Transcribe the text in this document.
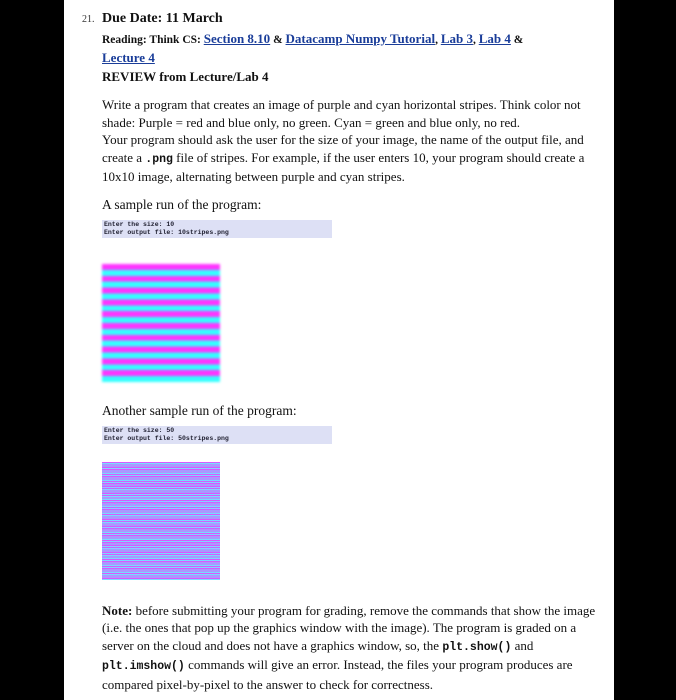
21. Due Date: 11 March
Reading: Think CS: Section 8.10 & Datacamp Numpy Tutorial, Lab 3, Lab 4 &
Lecture 4
REVIEW from Lecture/Lab 4

Write a program that creates an image of purple and cyan horizontal stripes. Think color not shade: Purple = red and blue only, no green. Cyan = green and blue only, no red.

Your program should ask the user for the size of your image, the name of the output file, and create a .png file of stripes. For example, if the user enters 10, your program should create a 10x10 image, alternating between purple and cyan stripes.

A sample run of the program:
Enter the size: 10
Enter output file: 10stripes.png
Another sample run of the program:
Enter the size: 50
Enter output file: 50stripes.png

Note: before submitting your program for grading, remove the commands that show the image (i.e. the ones that pop up the graphics window with the image). The program is graded on a server on the cloud and does not have a graphics window, so, the plt.show() and plt.imshow() commands will give an error. Instead, the files your program produces are compared pixel-by-pixel to the answer to check for correctness.
